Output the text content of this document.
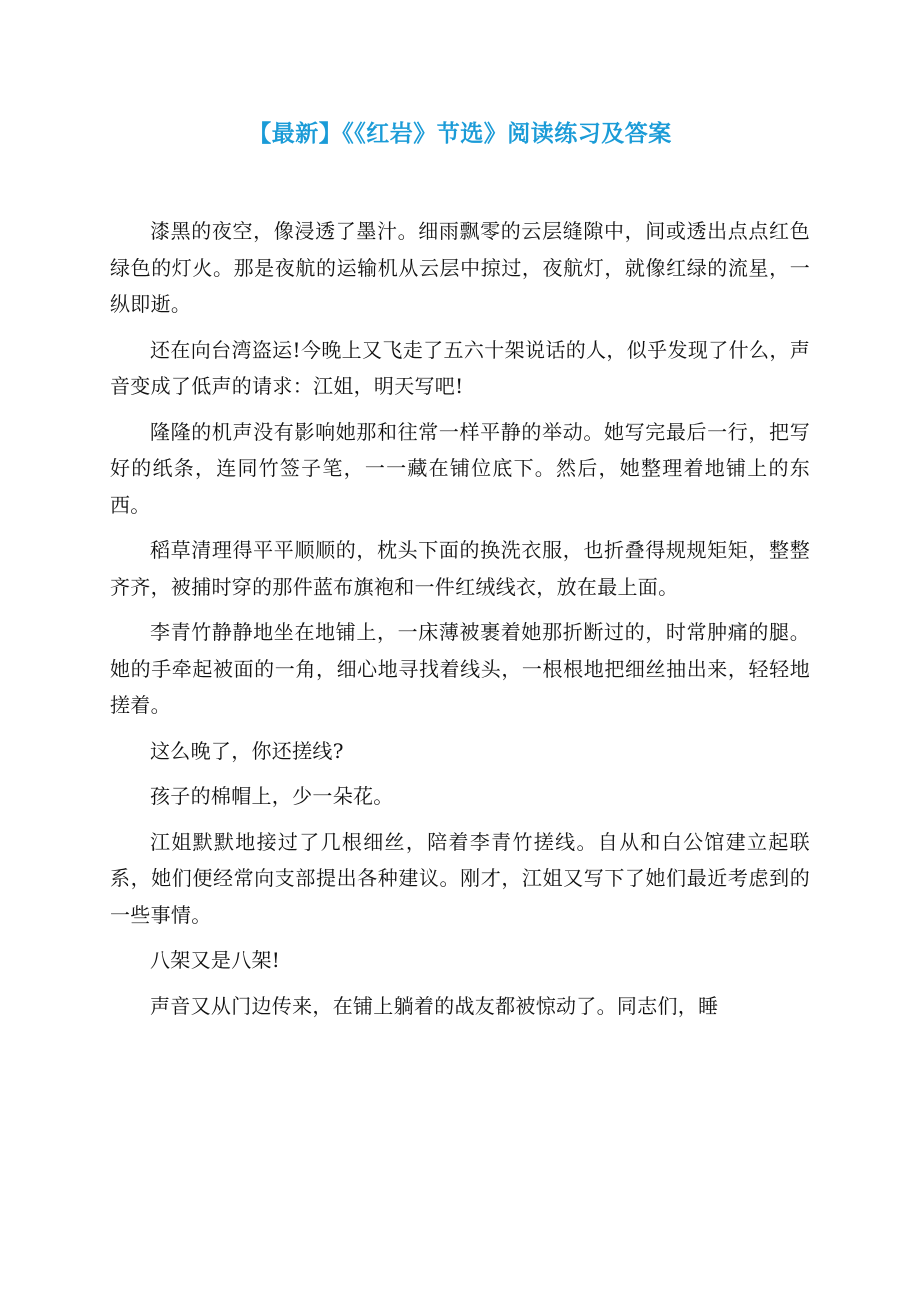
【最新】《《红岩》节选》阅读练习及答案

漆黑的夜空，像浸透了墨汁。细雨飘零的云层缝隙中，间或透出点点红色绿色的灯火。那是夜航的运输机从云层中掠过，夜航灯，就像红绿的流星，一纵即逝。

还在向台湾盗运!今晚上又飞走了五六十架说话的人，似乎发现了什么，声音变成了低声的请求：江姐，明天写吧!

隆隆的机声没有影响她那和往常一样平静的举动。她写完最后一行，把写好的纸条，连同竹签子笔，一一藏在铺位底下。然后，她整理着地铺上的东西。

稻草清理得平平顺顺的，枕头下面的换洗衣服，也折叠得规规矩矩，整整齐齐，被捕时穿的那件蓝布旗袍和一件红绒线衣，放在最上面。

李青竹静静地坐在地铺上，一床薄被裹着她那折断过的，时常肿痛的腿。她的手牵起被面的一角，细心地寻找着线头，一根根地把细丝抽出来，轻轻地搓着。

这么晚了，你还搓线?

孩子的棉帽上，少一朵花。

江姐默默地接过了几根细丝，陪着李青竹搓线。自从和白公馆建立起联系，她们便经常向支部提出各种建议。刚才，江姐又写下了她们最近考虑到的一些事情。

八架又是八架!

声音又从门边传来，在铺上躺着的战友都被惊动了。同志们，睡
